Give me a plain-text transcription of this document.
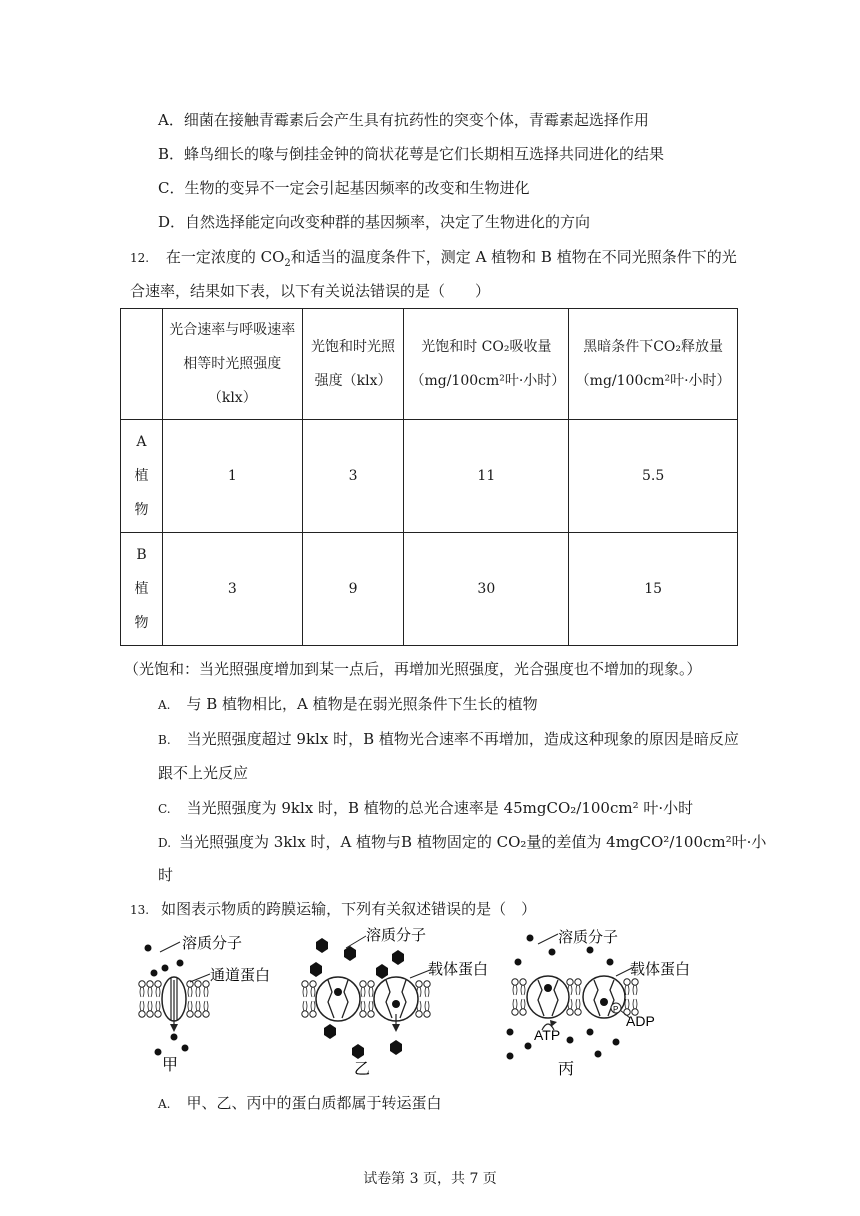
A．细菌在接触青霉素后会产生具有抗药性的突变个体，青霉素起选择作用
B．蜂鸟细长的喙与倒挂金钟的筒状花萼是它们长期相互选择共同进化的结果
C．生物的变异不一定会引起基因频率的改变和生物进化
D．自然选择能定向改变种群的基因频率，决定了生物进化的方向
12. 在一定浓度的 $CO_2$和适当的温度条件下，测定 A 植物和 B 植物在不同光照条件下的光
合速率，结果如下表，以下有关说法错误的是（　　）
	光合速率与呼吸速率相等时光照强度（klx）	光饱和时光照强度（klx）	光饱和时 CO₂吸收量（mg/100cm²叶·小时）	黑暗条件下CO₂释放量（mg/100cm²叶·小时）
A
植
物	1	3	11	5.5
B
植
物	3	9	30	15
（光饱和：当光照强度增加到某一点后，再增加光照强度，光合强度也不增加的现象。）
A. 与 B 植物相比，A 植物是在弱光照条件下生长的植物
B. 当光照强度超过 9klx 时，B 植物光合速率不再增加，造成这种现象的原因是暗反应
跟不上光反应
C. 当光照强度为 9klx 时，B 植物的总光合速率是 45mgCO₂/100cm² 叶·小时
D. 当光照强度为 3klx 时，A 植物与B 植物固定的 CO₂量的差值为 4mgCO²/100cm²叶·小
时
13. 如图表示物质的跨膜运输，下列有关叙述错误的是（　）
溶质分子
通道蛋白
甲
溶质分子
载体蛋白
乙
P
溶质分子
载体蛋白
ADP
ATP
丙
A. 甲、乙、丙中的蛋白质都属于转运蛋白
试卷第 3 页，共 7 页
